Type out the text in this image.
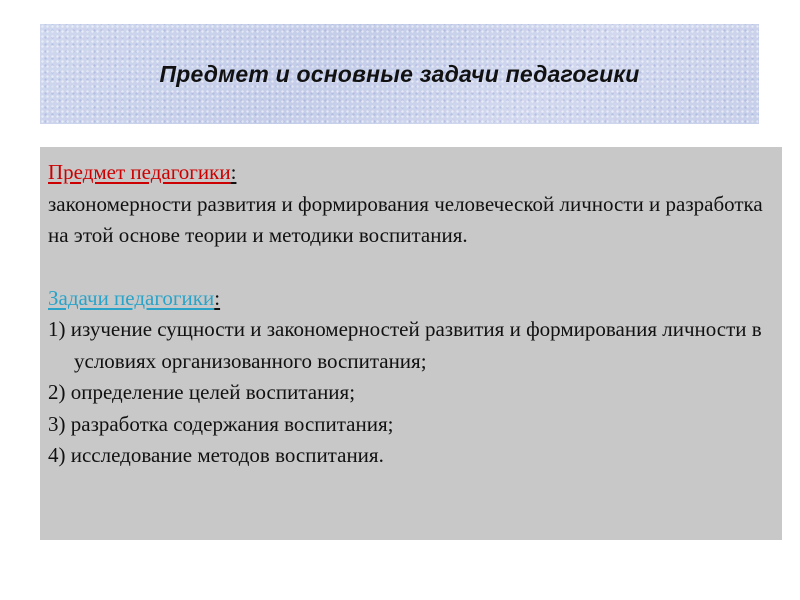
Предмет и основные задачи педагогики

Предмет педагогики:

закономерности развития и формирования человеческой личности и разработка на этой основе теории и методики воспитания.

Задачи педагогики:

1) изучение сущности и закономерностей развития и формирования личности в условиях организованного воспитания;

2) определение целей воспитания;

3) разработка содержания воспитания;

4) исследование методов воспитания.
